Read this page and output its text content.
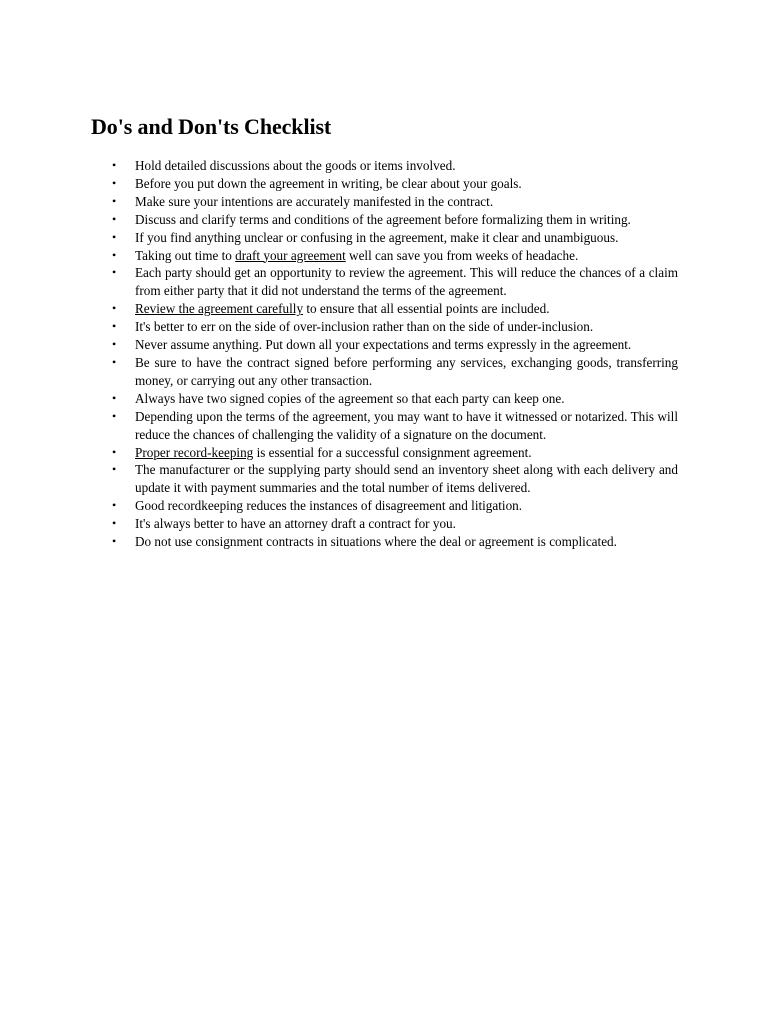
Do's and Don'ts Checklist
• Hold detailed discussions about the goods or items involved.
• Before you put down the agreement in writing, be clear about your goals.
• Make sure your intentions are accurately manifested in the contract.
• Discuss and clarify terms and conditions of the agreement before formalizing them in writing.
• If you find anything unclear or confusing in the agreement, make it clear and unambiguous.
• Taking out time to draft your agreement well can save you from weeks of headache.
• Each party should get an opportunity to review the agreement. This will reduce the chances of a claim from either party that it did not understand the terms of the agreement.
• Review the agreement carefully to ensure that all essential points are included.
• It's better to err on the side of over-inclusion rather than on the side of under-inclusion.
• Never assume anything. Put down all your expectations and terms expressly in the agreement.
• Be sure to have the contract signed before performing any services, exchanging goods, transferring money, or carrying out any other transaction.
• Always have two signed copies of the agreement so that each party can keep one.
• Depending upon the terms of the agreement, you may want to have it witnessed or notarized. This will reduce the chances of challenging the validity of a signature on the document.
• Proper record-keeping is essential for a successful consignment agreement.
• The manufacturer or the supplying party should send an inventory sheet along with each delivery and update it with payment summaries and the total number of items delivered.
• Good recordkeeping reduces the instances of disagreement and litigation.
• It's always better to have an attorney draft a contract for you.
• Do not use consignment contracts in situations where the deal or agreement is complicated.
